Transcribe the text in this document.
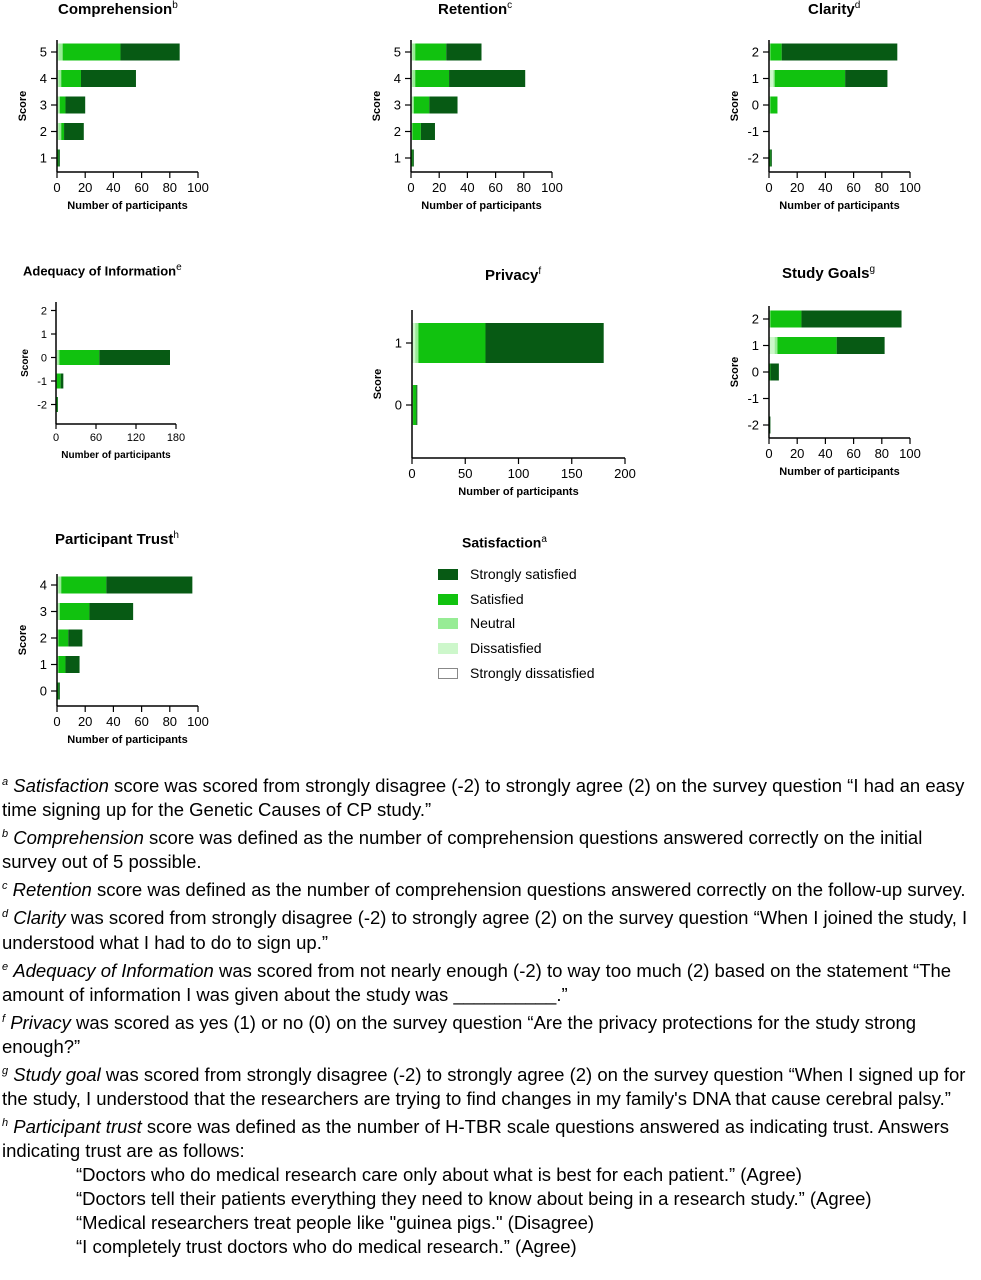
Comprehension$^b$
5
4
3
2
1
0 20 40 60 80 100
Number of participants
Score
Retention$^c$
5
4
3
2
1
0 20 40 60 80 100
Number of participants
Score
Clarity$^d$
2
1
0
-1
-2
0 20 40 60 80 100
Number of participants
Score
Adequacy of Information$^e$
2
1
0
-1
-2
0	60 120 180
Number of participants
Score
Privacy$^f$
1
0
0	50	100 150 200
Number of participants
Score
Study Goals$^g$
2
1
0
-1
-2
0 20 40 60 80 100
Number of participants
Score
Participant Trust$^h$
4
3
2
1
0
0 20 40 60 80 100
Number of participants
Score
Satisfaction$^a$
Strongly satisfied
Satisfied
Neutral
Dissatisfied
Strongly dissatisfied

$^a$ Satisfaction score was scored from strongly disagree (-2) to strongly agree (2) on the survey question “I had an easy time signing up for the Genetic Causes of CP study.”

$^b$ Comprehension score was defined as the number of comprehension questions answered correctly on the initial survey out of 5 possible.

$^c$ Retention score was defined as the number of comprehension questions answered correctly on the follow-up survey.

$^d$ Clarity was scored from strongly disagree (-2) to strongly agree (2) on the survey question “When I joined the study, I understood what I had to do to sign up.”

$^e$ Adequacy of Information was scored from not nearly enough (-2) to way too much (2) based on the statement “The amount of information I was given about the study was __________.”

$^f$ Privacy was scored as yes (1) or no (0) on the survey question “Are the privacy protections for the study strong enough?”

$^g$ Study goal was scored from strongly disagree (-2) to strongly agree (2) on the survey question “When I signed up for the study, I understood that the researchers are trying to find changes in my family's DNA that cause cerebral palsy.”

$^h$ Participant trust score was defined as the number of H-TBR scale questions answered as indicating trust. Answers indicating trust are as follows:

“Doctors who do medical research care only about what is best for each patient.” (Agree)

“Doctors tell their patients everything they need to know about being in a research study.” (Agree)

“Medical researchers treat people like "guinea pigs." (Disagree)

“I completely trust doctors who do medical research.” (Agree)
